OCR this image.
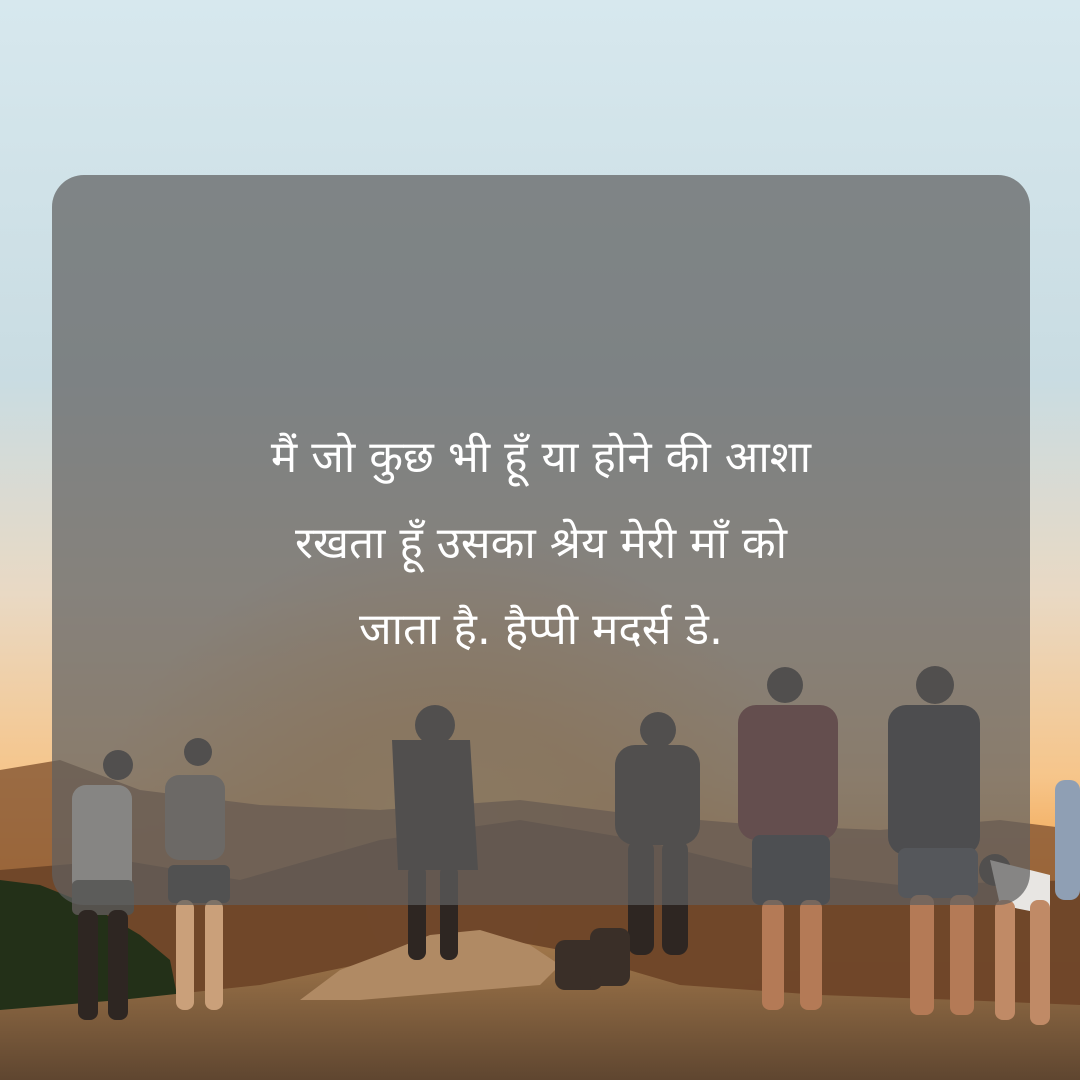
मैं जो कुछ भी हूँ या होने की आशा
रखता हूँ उसका श्रेय मेरी माँ को
जाता है. हैप्पी मदर्स डे.
